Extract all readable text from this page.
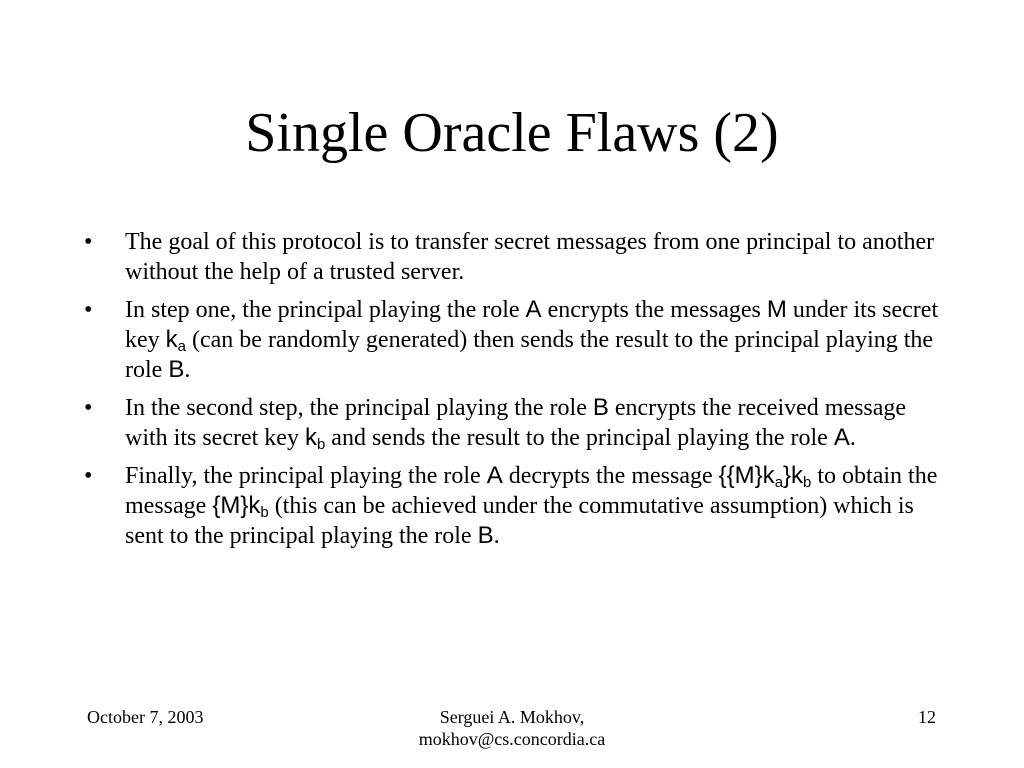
Single Oracle Flaws (2)
•	The goal of this protocol is to transfer secret messages from one principal to another without the help of a trusted server.
•	In step one, the principal playing the role A encrypts the messages M under its secret key $k_a$ (can be randomly generated) then sends the result to the principal playing the role B.
•	In the second step, the principal playing the role B encrypts the received message with its secret key $k_b$ and sends the result to the principal playing the role A.
•	Finally, the principal playing the role A decrypts the message $\{\{M\}k_a\}k_b$ to obtain the message $\{M\}k_b$ (this can be achieved under the commutative assumption) which is sent to the principal playing the role B.
October 7, 2003	Serguei A. Mokhov,
mokhov@cs.concordia.ca
12
